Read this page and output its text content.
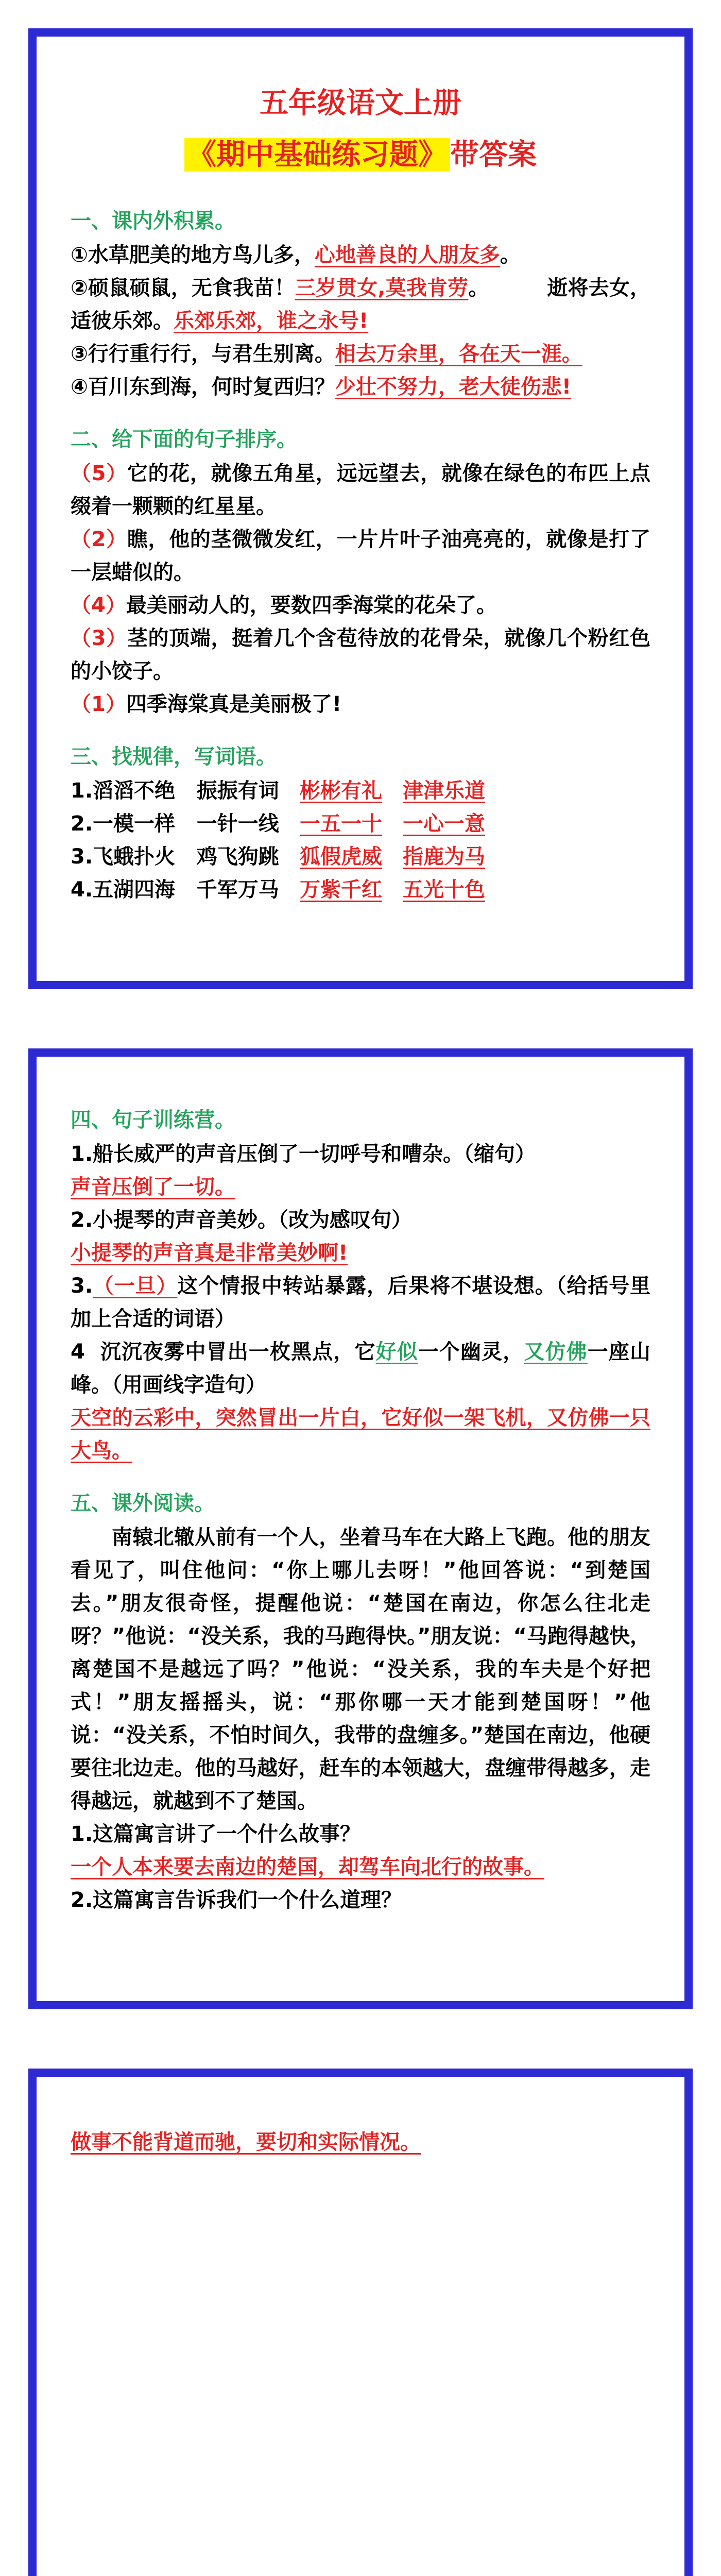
五年级语文上册
《期中基础练习题》 带答案
一、课内外积累。
①水草肥美的地方鸟儿多，心地善良的人朋友多。
②硕鼠硕鼠，无食我苗！三岁贯女,莫我肯劳。        逝将去女，适彼乐郊。乐郊乐郊，谁之永号!
③行行重行行，与君生别离。相去万余里，各在天一涯。
④百川东到海，何时复西归？少壮不努力，老大徒伤悲!
二、给下面的句子排序。
（5）它的花，就像五角星，远远望去，就像在绿色的布匹上点缀着一颗颗的红星星。
（2）瞧，他的茎微微发红，一片片叶子油亮亮的，就像是打了一层蜡似的。
（4）最美丽动人的，要数四季海棠的花朵了。
（3）茎的顶端，挺着几个含苞待放的花骨朵，就像几个粉红色的小饺子。
（1）四季海棠真是美丽极了!
三、找规律，写词语。
1.滔滔不绝   振振有词	彬彬有礼 津津乐道
2.一模一样   一针一线	一五一十 一心一意
3.飞蛾扑火   鸡飞狗跳	狐假虎威 指鹿为马
4.五湖四海   千军万马	万紫千红 五光十色
四、句子训练营。
1.船长威严的声音压倒了一切呼号和嘈杂。（缩句）
声音压倒了一切。
2.小提琴的声音美妙。（改为感叹句）
小提琴的声音真是非常美妙啊!
3.（一旦）这个情报中转站暴露，后果将不堪设想。（给括号里加上合适的词语）
4  沉沉夜雾中冒出一枚黑点，它好似一个幽灵，又仿佛一座山峰。（用画线字造句）
天空的云彩中，突然冒出一片白，它好似一架飞机，又仿佛一只大鸟。
五、课外阅读。
南辕北辙从前有一个人，坐着马车在大路上飞跑。他的朋友看见了，叫住他问：“你上哪儿去呀！”他回答说：“到楚国去。”朋友很奇怪，提醒他说：“楚国在南边，你怎么往北走呀？”他说：“没关系，我的马跑得快。”朋友说：“马跑得越快，离楚国不是越远了吗？”他说：“没关系，我的车夫是个好把式！”朋友摇摇头，说：“那你哪一天才能到楚国呀！”他说：“没关系，不怕时间久，我带的盘缠多。”楚国在南边，他硬要往北边走。他的马越好，赶车的本领越大，盘缠带得越多，走得越远，就越到不了楚国。
1.这篇寓言讲了一个什么故事？
一个人本来要去南边的楚国，却驾车向北行的故事。
2.这篇寓言告诉我们一个什么道理？
做事不能背道而驰，要切和实际情况。
